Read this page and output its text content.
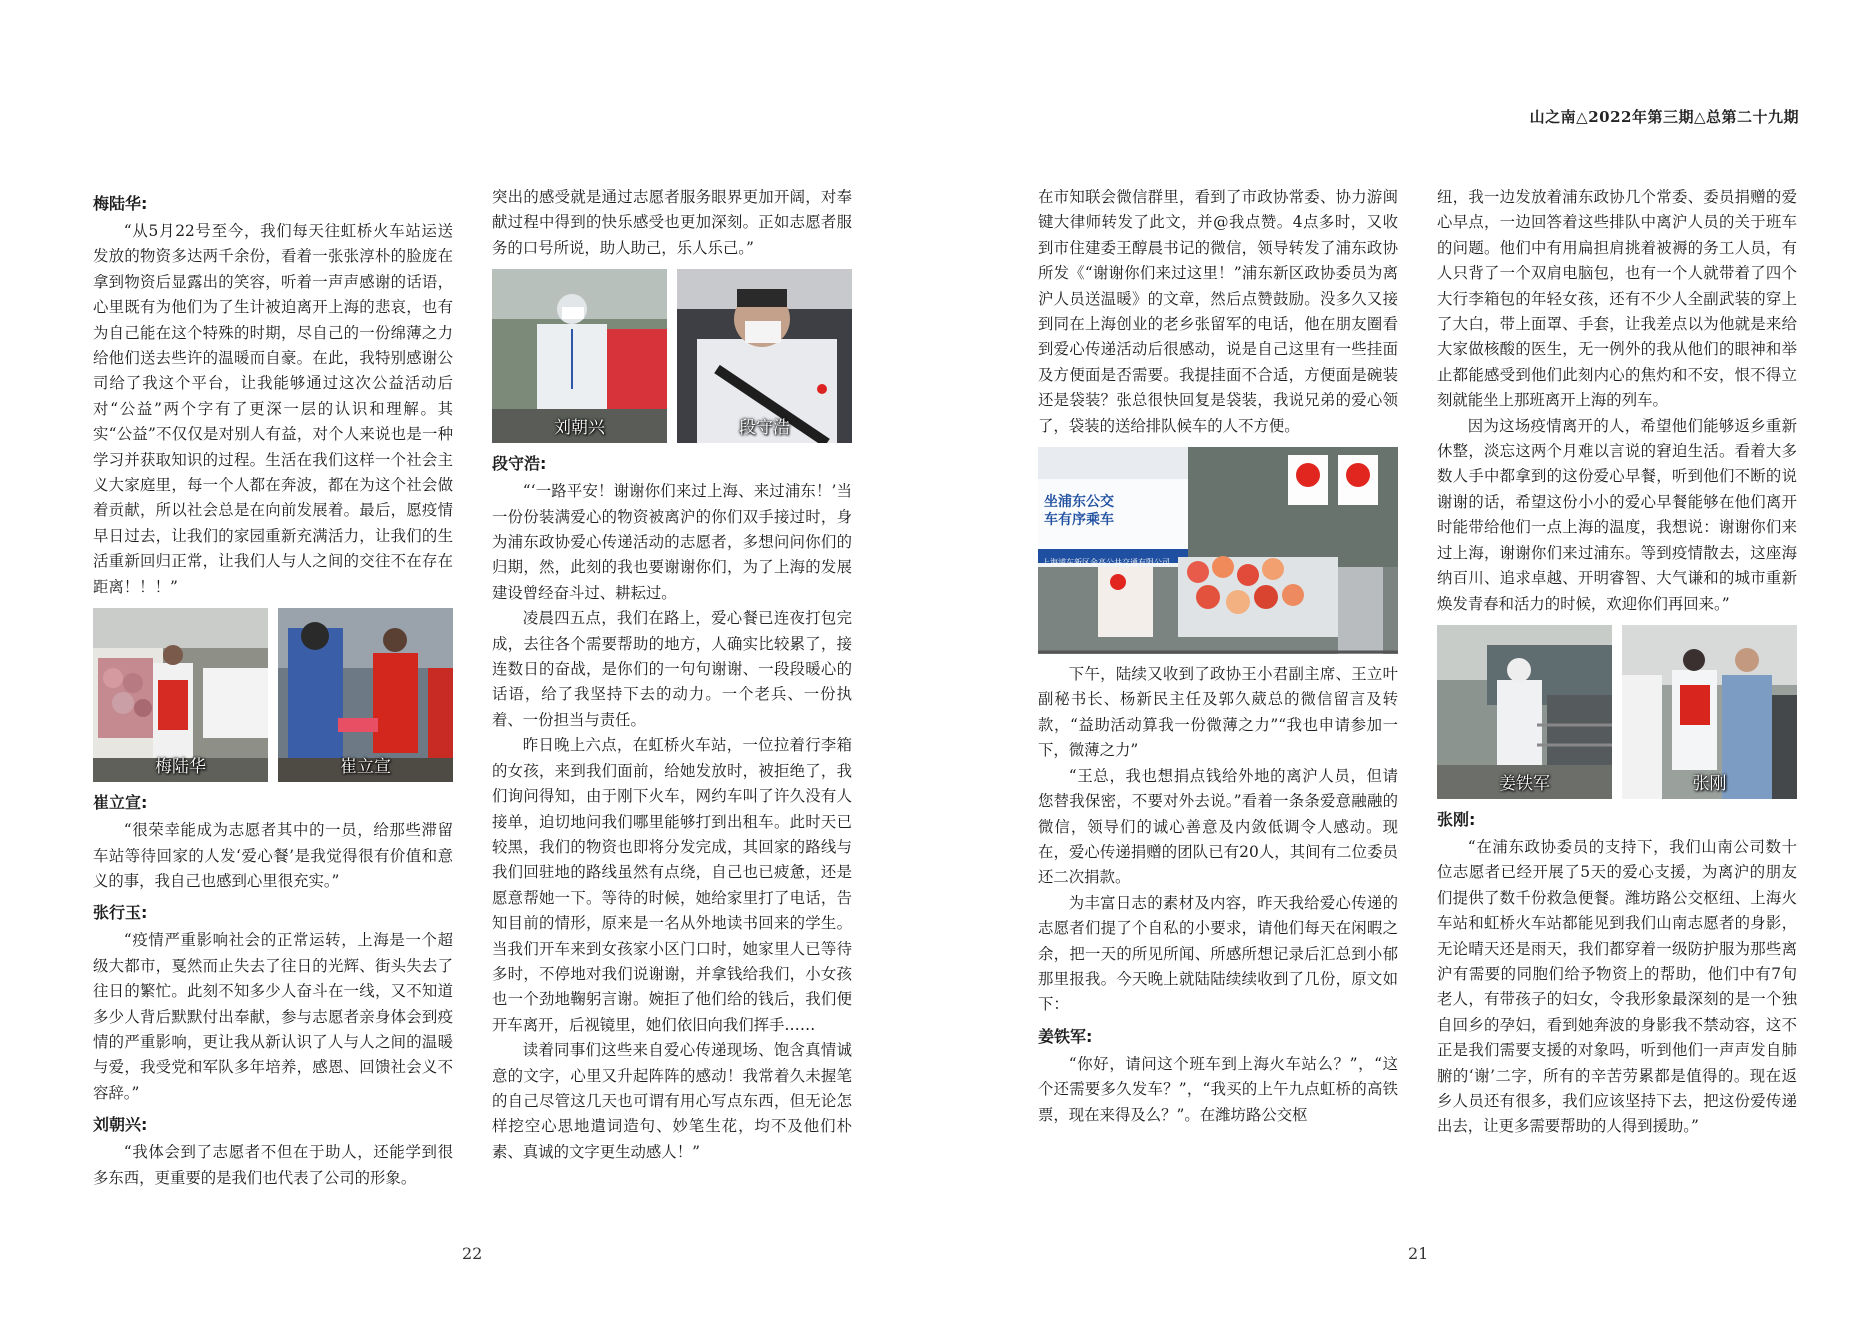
山之南△2022年第三期△总第二十九期
梅陆华:

“从5月22号至今，我们每天往虹桥火车站运送发放的物资多达两千余份，看着一张张淳朴的脸庞在拿到物资后显露出的笑容，听着一声声感谢的话语，心里既有为他们为了生计被迫离开上海的悲哀，也有为自己能在这个特殊的时期，尽自己的一份绵薄之力给他们送去些许的温暖而自豪。在此，我特别感谢公司给了我这个平台，让我能够通过这次公益活动后对“公益”两个字有了更深一层的认识和理解。其实“公益”不仅仅是对别人有益，对个人来说也是一种学习并获取知识的过程。生活在我们这样一个社会主义大家庭里，每一个人都在奔波，都在为这个社会做着贡献，所以社会总是在向前发展着。最后，愿疫情早日过去，让我们的家园重新充满活力，让我们的生活重新回归正常，让我们人与人之间的交往不在存在距离！！！”

梅陆华	崔立宣
崔立宣:

“很荣幸能成为志愿者其中的一员，给那些滞留车站等待回家的人发‘爱心餐’是我觉得很有价值和意义的事，我自己也感到心里很充实。”

张行玉:

“疫情严重影响社会的正常运转，上海是一个超级大都市，戛然而止失去了往日的光辉、街头失去了往日的繁忙。此刻不知多少人奋斗在一线，又不知道多少人背后默默付出奉献，参与志愿者亲身体会到疫情的严重影响，更让我从新认识了人与人之间的温暖与爱，我受党和军队多年培养，感恩、回馈社会义不容辞。”

刘朝兴:

“我体会到了志愿者不但在于助人，还能学到很多东西，更重要的是我们也代表了公司的形象。

突出的感受就是通过志愿者服务眼界更加开阔，对奉献过程中得到的快乐感受也更加深刻。正如志愿者服务的口号所说，助人助己，乐人乐己。”

刘朝兴	段守浩
段守浩:

“‘一路平安！谢谢你们来过上海、来过浦东！’当一份份装满爱心的物资被离沪的你们双手接过时，身为浦东政协爱心传递活动的志愿者，多想问问你们的归期，然，此刻的我也要谢谢你们，为了上海的发展建设曾经奋斗过、耕耘过。

凌晨四五点，我们在路上，爱心餐已连夜打包完成，去往各个需要帮助的地方，人确实比较累了，接连数日的奋战，是你们的一句句谢谢、一段段暖心的话语，给了我坚持下去的动力。一个老兵、一份执着、一份担当与责任。

昨日晚上六点，在虹桥火车站，一位拉着行李箱的女孩，来到我们面前，给她发放时，被拒绝了，我们询问得知，由于刚下火车，网约车叫了许久没有人接单，迫切地问我们哪里能够打到出租车。此时天已较黑，我们的物资也即将分发完成，其回家的路线与我们回驻地的路线虽然有点绕，自己也已疲惫，还是愿意帮她一下。等待的时候，她给家里打了电话，告知目前的情形，原来是一名从外地读书回来的学生。当我们开车来到女孩家小区门口时，她家里人已等待多时，不停地对我们说谢谢，并拿钱给我们，小女孩也一个劲地鞠躬言谢。婉拒了他们给的钱后，我们便开车离开，后视镜里，她们依旧向我们挥手……

读着同事们这些来自爱心传递现场、饱含真情诚意的文字，心里又升起阵阵的感动！我常着久未握笔的自己尽管这几天也可谓有用心写点东西，但无论怎样挖空心思地遣词造句、妙笔生花，均不及他们朴素、真诚的文字更生动感人！”

在市知联会微信群里，看到了市政协常委、协力游闽键大律师转发了此文，并@我点赞。4点多时，又收到市住建委王醇晨书记的微信，领导转发了浦东政协所发《“谢谢你们来过这里！”浦东新区政协委员为离沪人员送温暖》的文章，然后点赞鼓励。没多久又接到同在上海创业的老乡张留军的电话，他在朋友圈看到爱心传递活动后很感动，说是自己这里有一些挂面及方便面是否需要。我提挂面不合适，方便面是碗装还是袋装？张总很快回复是袋装，我说兄弟的爱心领了，袋装的送给排队候车的人不方便。

坐浦东公交
车有序乘车
上海浦东新区金高公共交通有限公司

下午，陆续又收到了政协王小君副主席、王立叶副秘书长、杨新民主任及郭久葳总的微信留言及转款，“益助活动算我一份微薄之力”“我也申请参加一下，微薄之力”

“王总，我也想捐点钱给外地的离沪人员，但请您替我保密，不要对外去说。”看着一条条爱意融融的微信，领导们的诚心善意及内敛低调令人感动。现在，爱心传递捐赠的团队已有20人，其间有二位委员还二次捐款。

为丰富日志的素材及内容，昨天我给爱心传递的志愿者们提了个自私的小要求，请他们每天在闲暇之余，把一天的所见所闻、所感所想记录后汇总到小郁那里报我。今天晚上就陆陆续续收到了几份，原文如下：

姜铁军:

“你好，请问这个班车到上海火车站么？”，“这个还需要多久发车？”，“我买的上午九点虹桥的高铁票，现在来得及么？”。在潍坊路公交枢

纽，我一边发放着浦东政协几个常委、委员捐赠的爱心早点，一边回答着这些排队中离沪人员的关于班车的问题。他们中有用扁担肩挑着被褥的务工人员，有人只背了一个双肩电脑包，也有一个人就带着了四个大行李箱包的年轻女孩，还有不少人全副武装的穿上了大白，带上面罩、手套，让我差点以为他就是来给大家做核酸的医生，无一例外的我从他们的眼神和举止都能感受到他们此刻内心的焦灼和不安，恨不得立刻就能坐上那班离开上海的列车。

因为这场疫情离开的人，希望他们能够返乡重新休整，淡忘这两个月难以言说的窘迫生活。看着大多数人手中都拿到的这份爱心早餐，听到他们不断的说谢谢的话，希望这份小小的爱心早餐能够在他们离开时能带给他们一点上海的温度，我想说：谢谢你们来过上海，谢谢你们来过浦东。等到疫情散去，这座海纳百川、追求卓越、开明睿智、大气谦和的城市重新焕发青春和活力的时候，欢迎你们再回来。”

姜铁军	张刚
张刚:

“在浦东政协委员的支持下，我们山南公司数十位志愿者已经开展了5天的爱心支援，为离沪的朋友们提供了数千份救急便餐。潍坊路公交枢纽、上海火车站和虹桥火车站都能见到我们山南志愿者的身影，无论晴天还是雨天，我们都穿着一级防护服为那些离沪有需要的同胞们给予物资上的帮助，他们中有7旬老人，有带孩子的妇女，令我形象最深刻的是一个独自回乡的孕妇，看到她奔波的身影我不禁动容，这不正是我们需要支援的对象吗，听到他们一声声发自肺腑的‘谢’二字，所有的辛苦劳累都是值得的。现在返乡人员还有很多，我们应该坚持下去，把这份爱传递出去，让更多需要帮助的人得到援助。”

22	21
